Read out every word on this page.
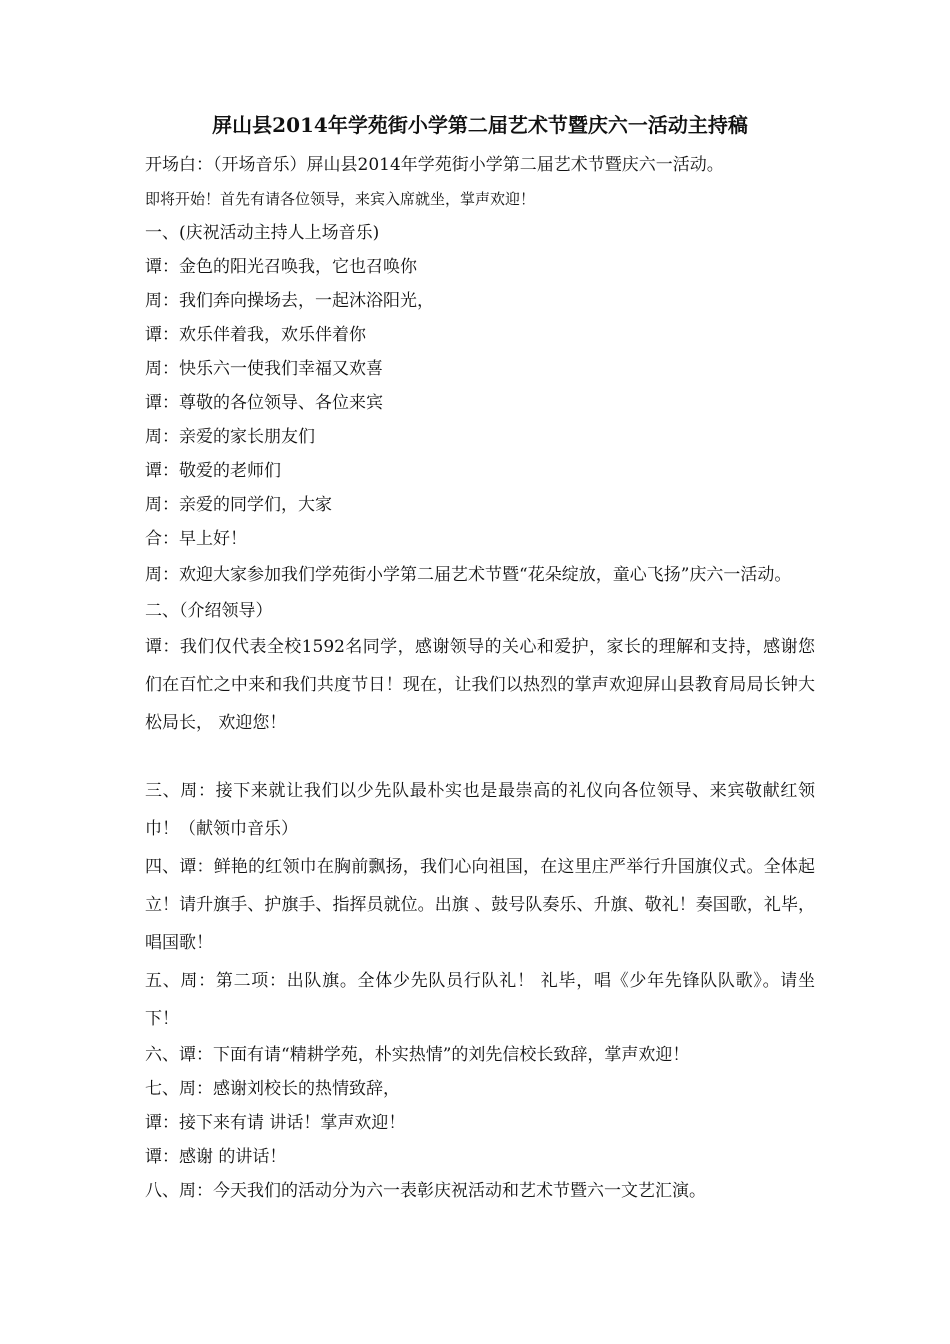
屏山县2014年学苑街小学第二届艺术节暨庆六一活动主持稿

开场白：（开场音乐）屏山县2014年学苑街小学第二届艺术节暨庆六一活动。

即将开始！首先有请各位领导，来宾入席就坐，掌声欢迎！

一、(庆祝活动主持人上场音乐)

谭：金色的阳光召唤我，它也召唤你

周：我们奔向操场去，一起沐浴阳光，

谭：欢乐伴着我，欢乐伴着你

周：快乐六一使我们幸福又欢喜

谭：尊敬的各位领导、各位来宾

周：亲爱的家长朋友们

谭：敬爱的老师们

周：亲爱的同学们，大家

合：早上好！

周：欢迎大家参加我们学苑街小学第二届艺术节暨“花朵绽放，童心飞扬”庆六一活动。

二、（介绍领导）

谭：我们仅代表全校1592名同学，感谢领导的关心和爱护，家长的理解和支持，感谢您们在百忙之中来和我们共度节日！现在，让我们以热烈的掌声欢迎屏山县教育局局长钟大松局长， 欢迎您！

三、周：接下来就让我们以少先队最朴实也是最崇高的礼仪向各位领导、来宾敬献红领巾！（献领巾音乐）

四、谭：鲜艳的红领巾在胸前飘扬，我们心向祖国，在这里庄严举行升国旗仪式。全体起立！请升旗手、护旗手、指挥员就位。出旗 、鼓号队奏乐、升旗、敬礼！奏国歌，礼毕，唱国歌！

五、周：第二项：出队旗。全体少先队员行队礼！ 礼毕，唱《少年先锋队队歌》。请坐下！

六、谭：下面有请“精耕学苑，朴实热情”的刘先信校长致辞，掌声欢迎！

七、周：感谢刘校长的热情致辞，

谭：接下来有请 讲话！掌声欢迎！

谭：感谢 的讲话！

八、周：今天我们的活动分为六一表彰庆祝活动和艺术节暨六一文艺汇演。
